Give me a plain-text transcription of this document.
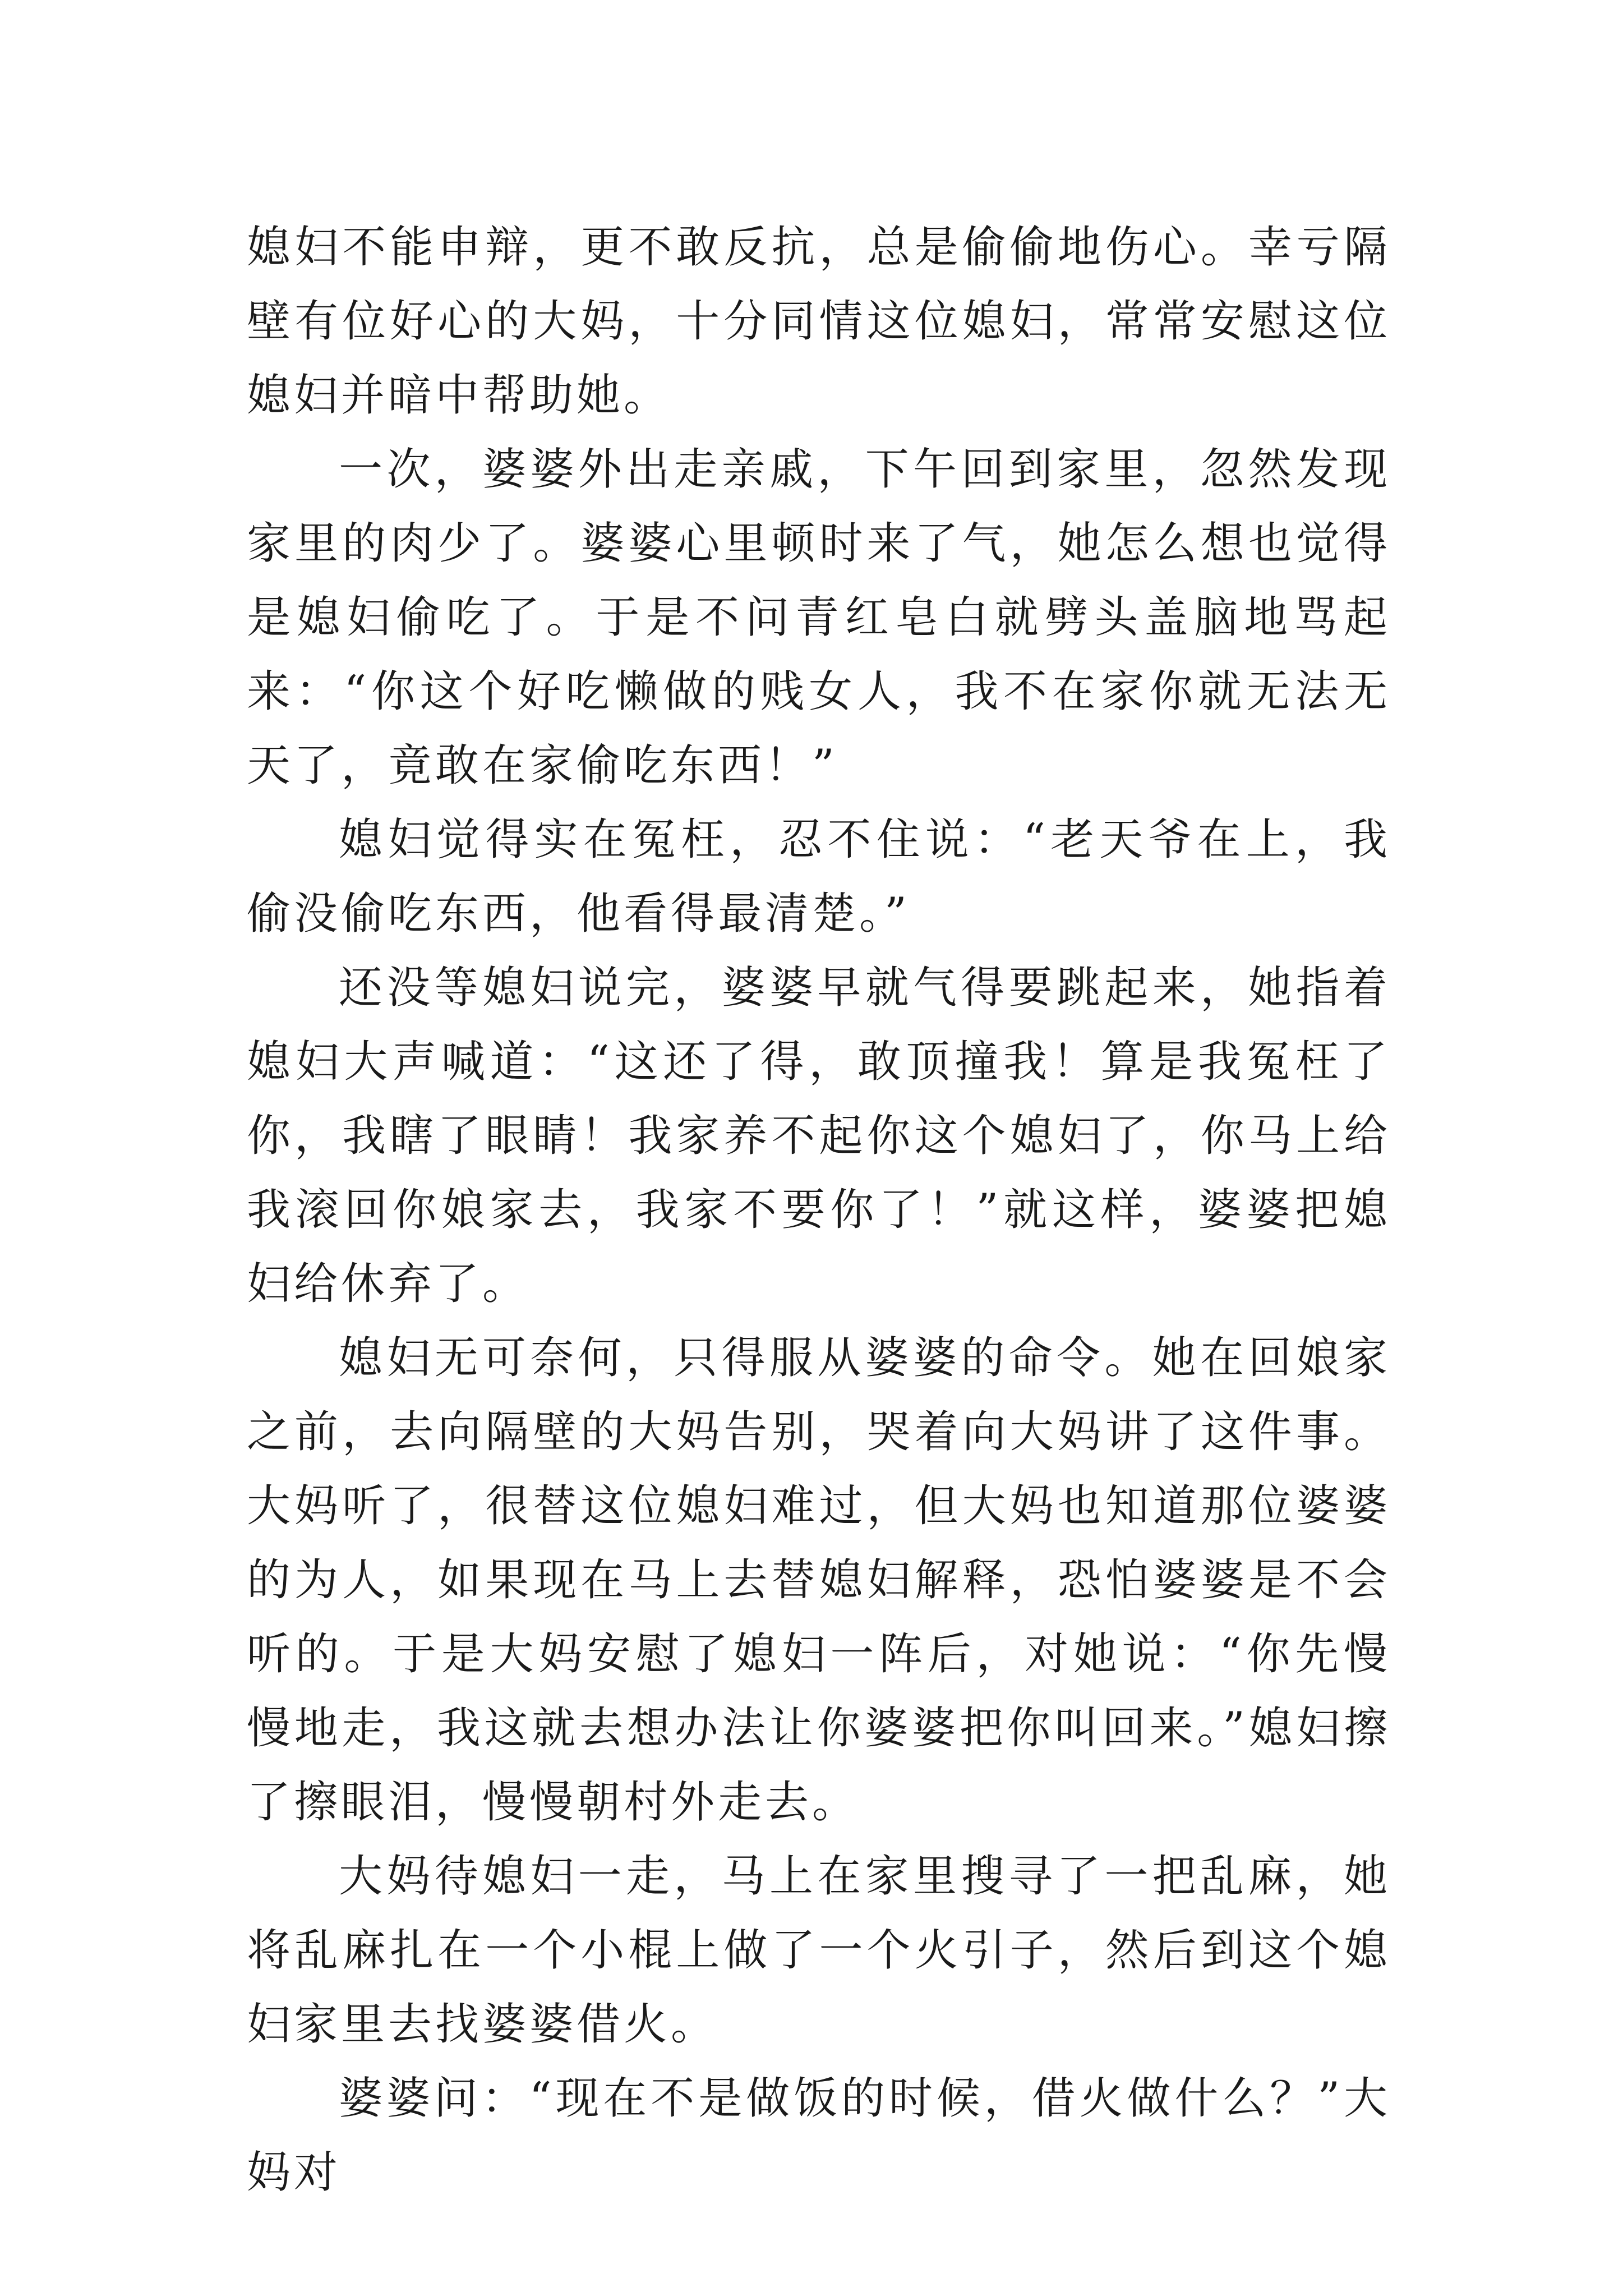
媳妇不能申辩，更不敢反抗，总是偷偷地伤心。幸亏隔壁有位好心的大妈，十分同情这位媳妇，常常安慰这位媳妇并暗中帮助她。

一次，婆婆外出走亲戚，下午回到家里，忽然发现家里的肉少了。婆婆心里顿时来了气，她怎么想也觉得是媳妇偷吃了。于是不问青红皂白就劈头盖脑地骂起来：“你这个好吃懒做的贱女人，我不在家你就无法无天了，竟敢在家偷吃东西！”

媳妇觉得实在冤枉，忍不住说：“老天爷在上，我偷没偷吃东西，他看得最清楚。”

还没等媳妇说完，婆婆早就气得要跳起来，她指着媳妇大声喊道：“这还了得，敢顶撞我！算是我冤枉了你，我瞎了眼睛！我家养不起你这个媳妇了，你马上给我滚回你娘家去，我家不要你了！”就这样，婆婆把媳妇给休弃了。

媳妇无可奈何，只得服从婆婆的命令。她在回娘家之前，去向隔壁的大妈告别，哭着向大妈讲了这件事。大妈听了，很替这位媳妇难过，但大妈也知道那位婆婆的为人，如果现在马上去替媳妇解释，恐怕婆婆是不会听的。于是大妈安慰了媳妇一阵后，对她说：“你先慢慢地走，我这就去想办法让你婆婆把你叫回来。”媳妇擦了擦眼泪，慢慢朝村外走去。

大妈待媳妇一走，马上在家里搜寻了一把乱麻，她将乱麻扎在一个小棍上做了一个火引子，然后到这个媳妇家里去找婆婆借火。

婆婆问：“现在不是做饭的时候，借火做什么？”大妈对
